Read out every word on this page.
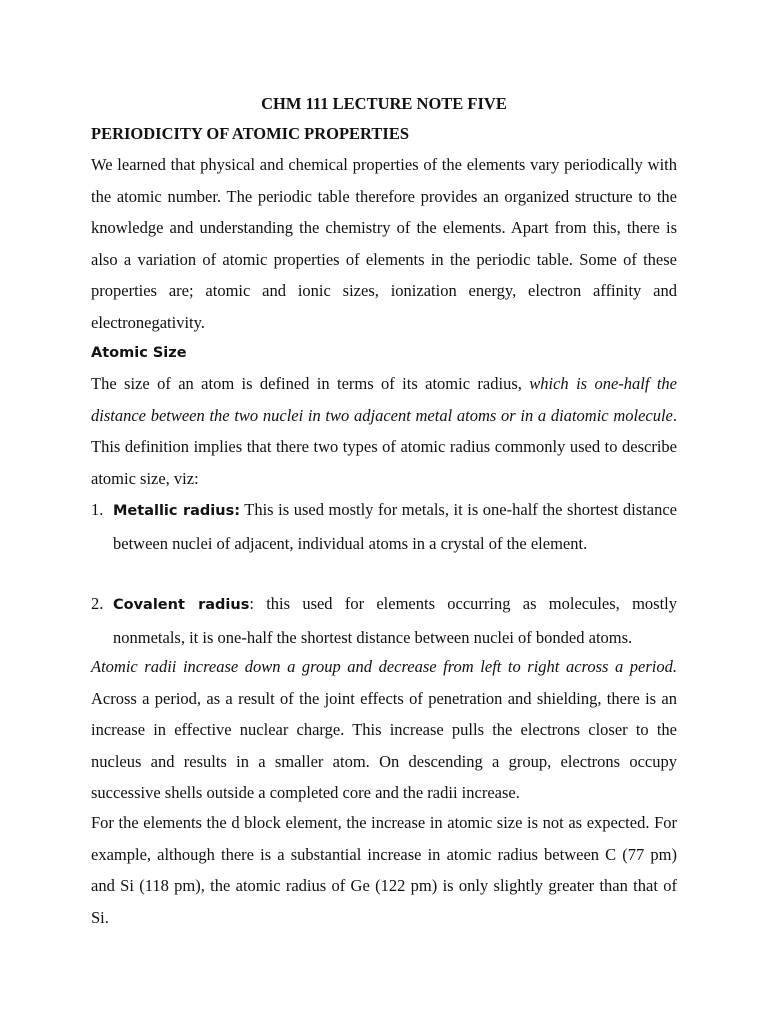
CHM 111 LECTURE NOTE FIVE
PERIODICITY OF ATOMIC PROPERTIES

We learned that physical and chemical properties of the elements vary periodically with the atomic number. The periodic table therefore provides an organized structure to the knowledge and understanding the chemistry of the elements. Apart from this, there is also a variation of atomic properties of elements in the periodic table. Some of these properties are; atomic and ionic sizes, ionization energy, electron affinity and electronegativity.

Atomic Size

The size of an atom is defined in terms of its atomic radius, which is one-half the distance between the two nuclei in two adjacent metal atoms or in a diatomic molecule. This definition implies that there two types of atomic radius commonly used to describe atomic size, viz:

1. Metallic radius: This is used mostly for metals, it is one-half the shortest distance between nuclei of adjacent, individual atoms in a crystal of the element.
2. Covalent radius: this used for elements occurring as molecules, mostly nonmetals, it is one-half the shortest distance between nuclei of bonded atoms.

Atomic radii increase down a group and decrease from left to right across a period. Across a period, as a result of the joint effects of penetration and shielding, there is an increase in effective nuclear charge. This increase pulls the electrons closer to the nucleus and results in a smaller atom. On descending a group, electrons occupy successive shells outside a completed core and the radii increase.

For the elements the d block element, the increase in atomic size is not as expected. For example, although there is a substantial increase in atomic radius between C (77 pm) and Si (118 pm), the atomic radius of Ge (122 pm) is only slightly greater than that of Si.
